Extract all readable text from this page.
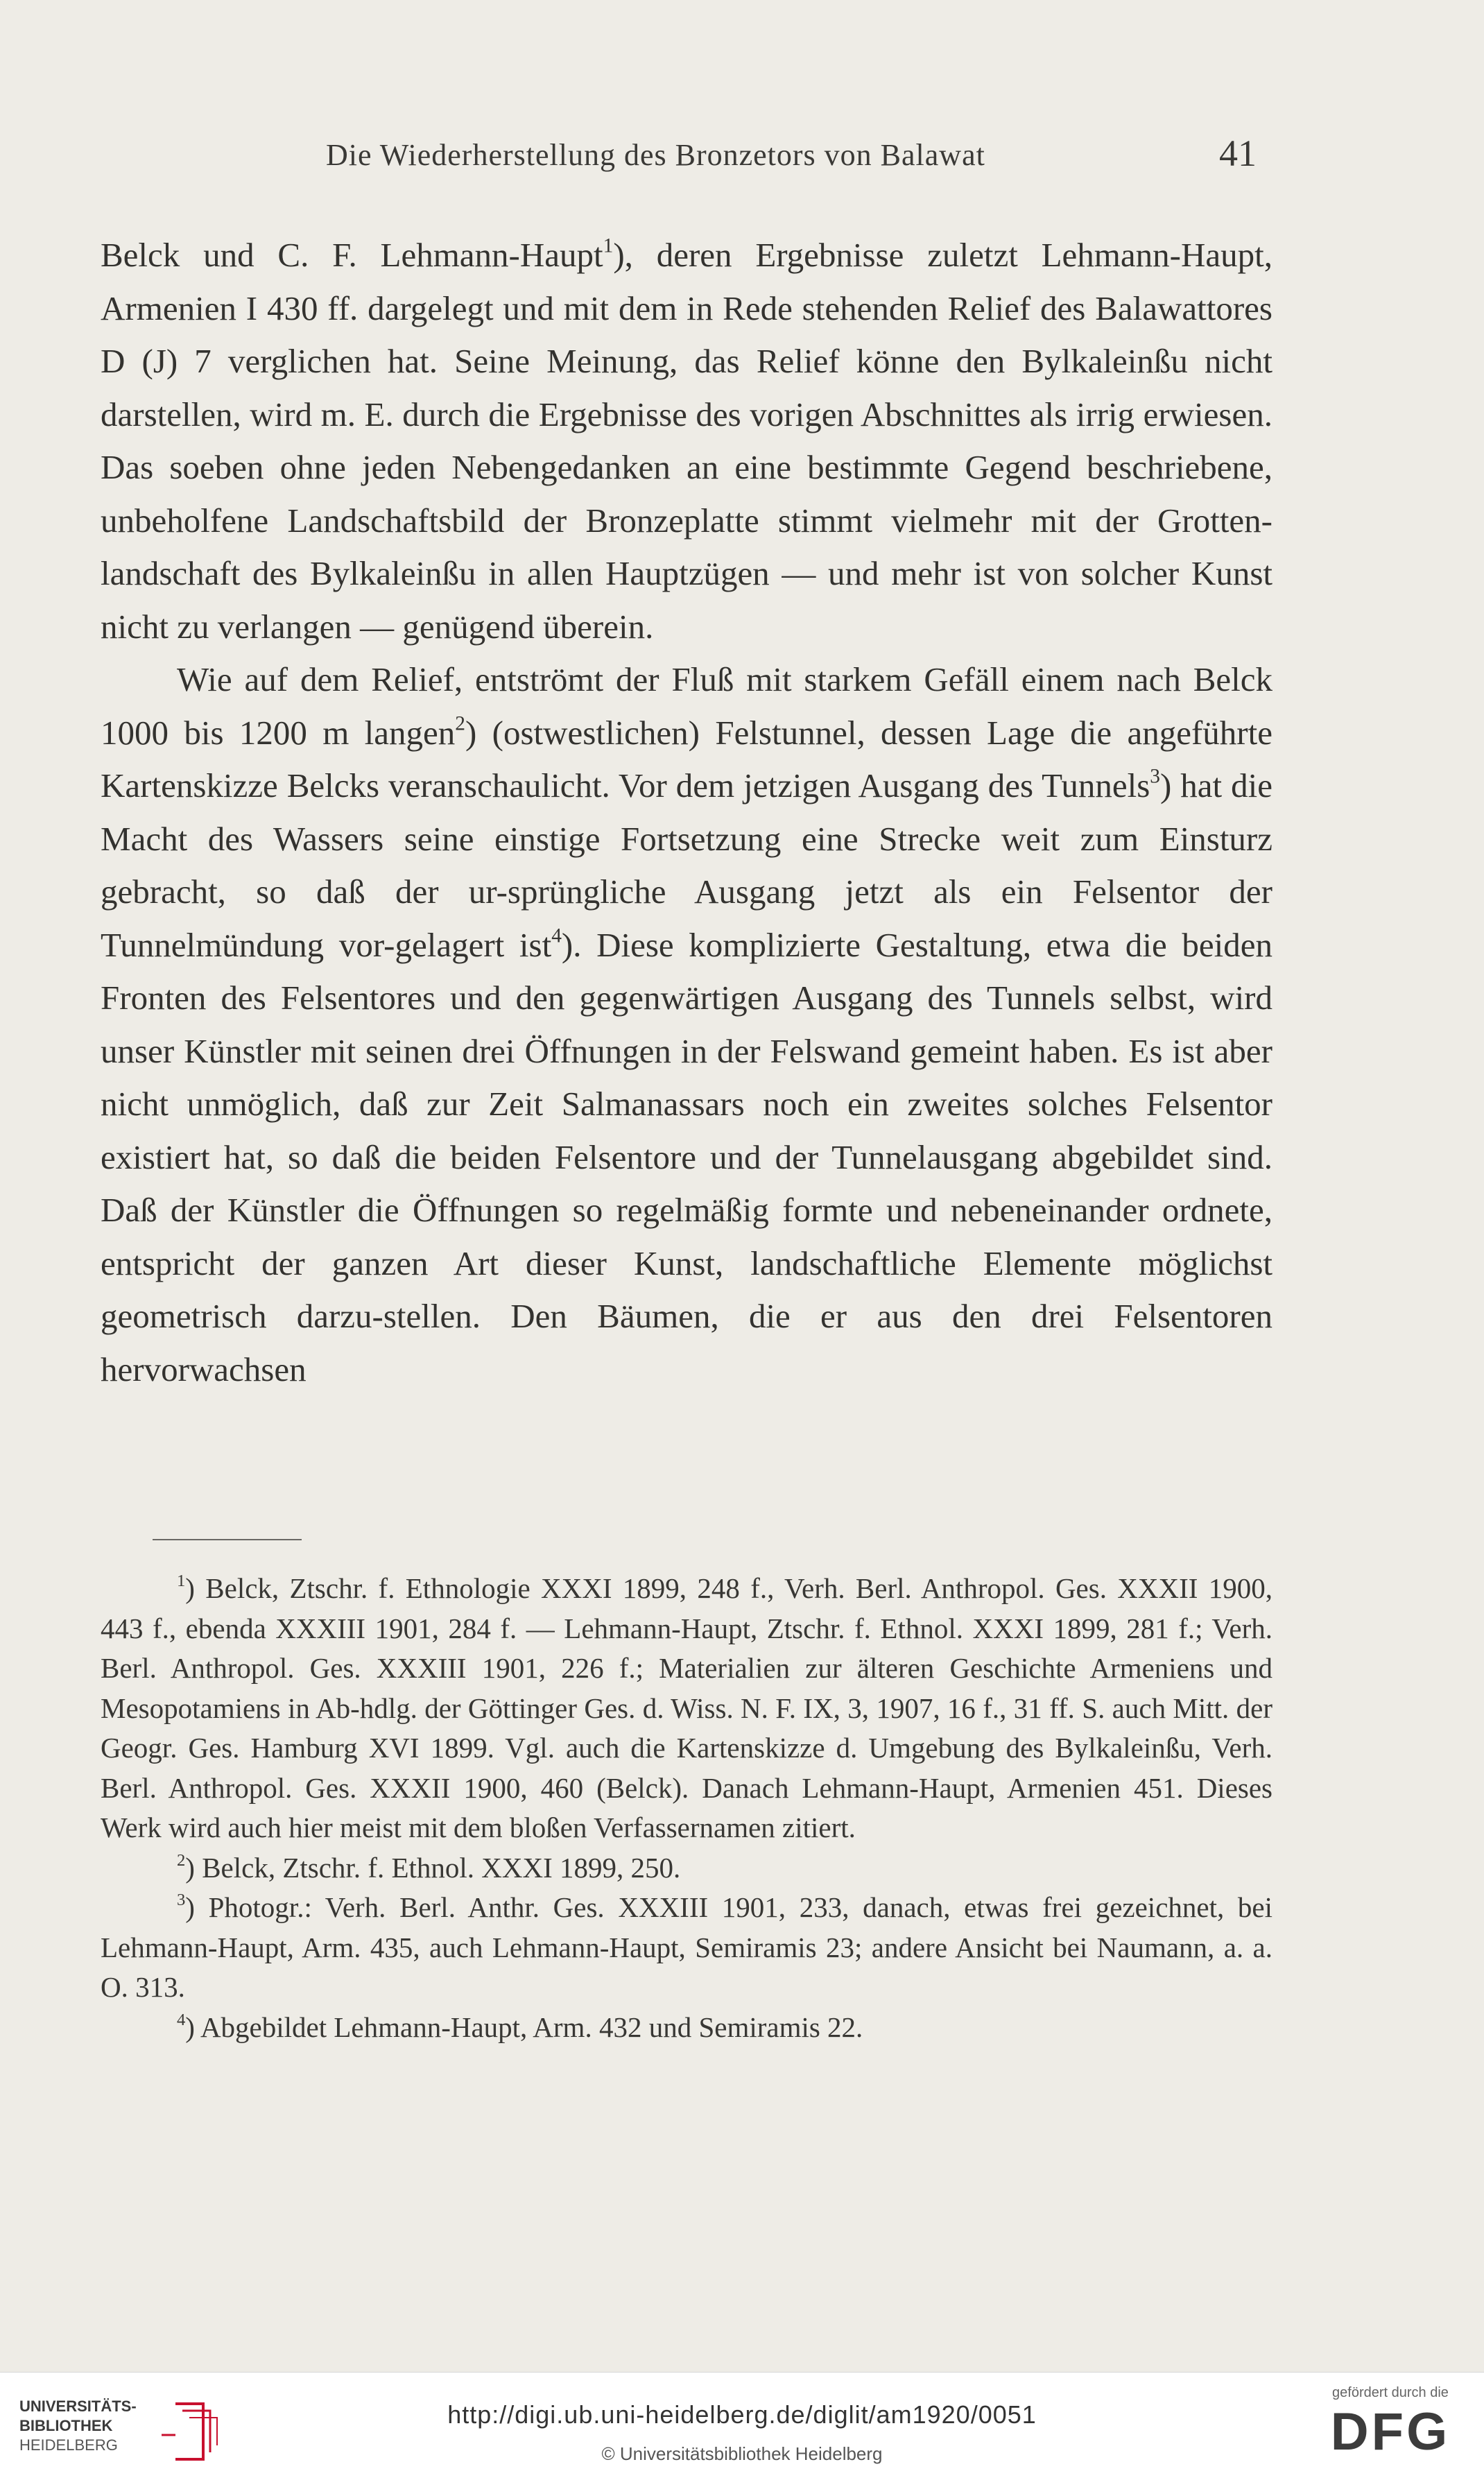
Die Wiederherstellung des Bronzetors von Balawat	41

Belck und C. F. Lehmann-Haupt$^1$), deren Ergebnisse zuletzt Lehmann-Haupt, Armenien I 430 ff. dargelegt und mit dem in Rede stehenden Relief des Balawattores D (J) 7 verglichen hat. Seine Meinung, das Relief könne den Bylkaleinßu nicht darstellen, wird m. E. durch die Ergebnisse des vorigen Abschnittes als irrig erwiesen. Das soeben ohne jeden Nebengedanken an eine bestimmte Gegend beschriebene, unbeholfene Landschaftsbild der Bronzeplatte stimmt vielmehr mit der Grotten-landschaft des Bylkaleinßu in allen Hauptzügen — und mehr ist von solcher Kunst nicht zu verlangen — genügend überein.

Wie auf dem Relief, entströmt der Fluß mit starkem Gefäll einem nach Belck 1000 bis 1200 m langen$^2$) (ostwestlichen) Felstunnel, dessen Lage die angeführte Kartenskizze Belcks veranschaulicht. Vor dem jetzigen Ausgang des Tunnels$^3$) hat die Macht des Wassers seine einstige Fortsetzung eine Strecke weit zum Einsturz gebracht, so daß der ur-sprüngliche Ausgang jetzt als ein Felsentor der Tunnelmündung vor-gelagert ist$^4$). Diese komplizierte Gestaltung, etwa die beiden Fronten des Felsentores und den gegenwärtigen Ausgang des Tunnels selbst, wird unser Künstler mit seinen drei Öffnungen in der Felswand gemeint haben. Es ist aber nicht unmöglich, daß zur Zeit Salmanassars noch ein zweites solches Felsentor existiert hat, so daß die beiden Felsentore und der Tunnelausgang abgebildet sind. Daß der Künstler die Öffnungen so regelmäßig formte und nebeneinander ordnete, entspricht der ganzen Art dieser Kunst, landschaftliche Elemente möglichst geometrisch darzu-stellen. Den Bäumen, die er aus den drei Felsentoren hervorwachsen

$^1$) Belck, Ztschr. f. Ethnologie XXXI 1899, 248 f., Verh. Berl. Anthropol. Ges. XXXII 1900, 443 f., ebenda XXXIII 1901, 284 f. — Lehmann-Haupt, Ztschr. f. Ethnol. XXXI 1899, 281 f.; Verh. Berl. Anthropol. Ges. XXXIII 1901, 226 f.; Materialien zur älteren Geschichte Armeniens und Mesopotamiens in Ab-hdlg. der Göttinger Ges. d. Wiss. N. F. IX, 3, 1907, 16 f., 31 ff. S. auch Mitt. der Geogr. Ges. Hamburg XVI 1899. Vgl. auch die Kartenskizze d. Umgebung des Bylkaleinßu, Verh. Berl. Anthropol. Ges. XXXII 1900, 460 (Belck). Danach Lehmann-Haupt, Armenien 451. Dieses Werk wird auch hier meist mit dem bloßen Verfassernamen zitiert.

$^2$) Belck, Ztschr. f. Ethnol. XXXI 1899, 250.

$^3$) Photogr.: Verh. Berl. Anthr. Ges. XXXIII 1901, 233, danach, etwas frei gezeichnet, bei Lehmann-Haupt, Arm. 435, auch Lehmann-Haupt, Semiramis 23; andere Ansicht bei Naumann, a. a. O. 313.

$^4$) Abgebildet Lehmann-Haupt, Arm. 432 und Semiramis 22.

UNIVERSITÄTS-
BIBLIOTHEK
HEIDELBERG
http://digi.ub.uni-heidelberg.de/diglit/am1920/0051
© Universitätsbibliothek Heidelberg
gefördert durch die
DFG
